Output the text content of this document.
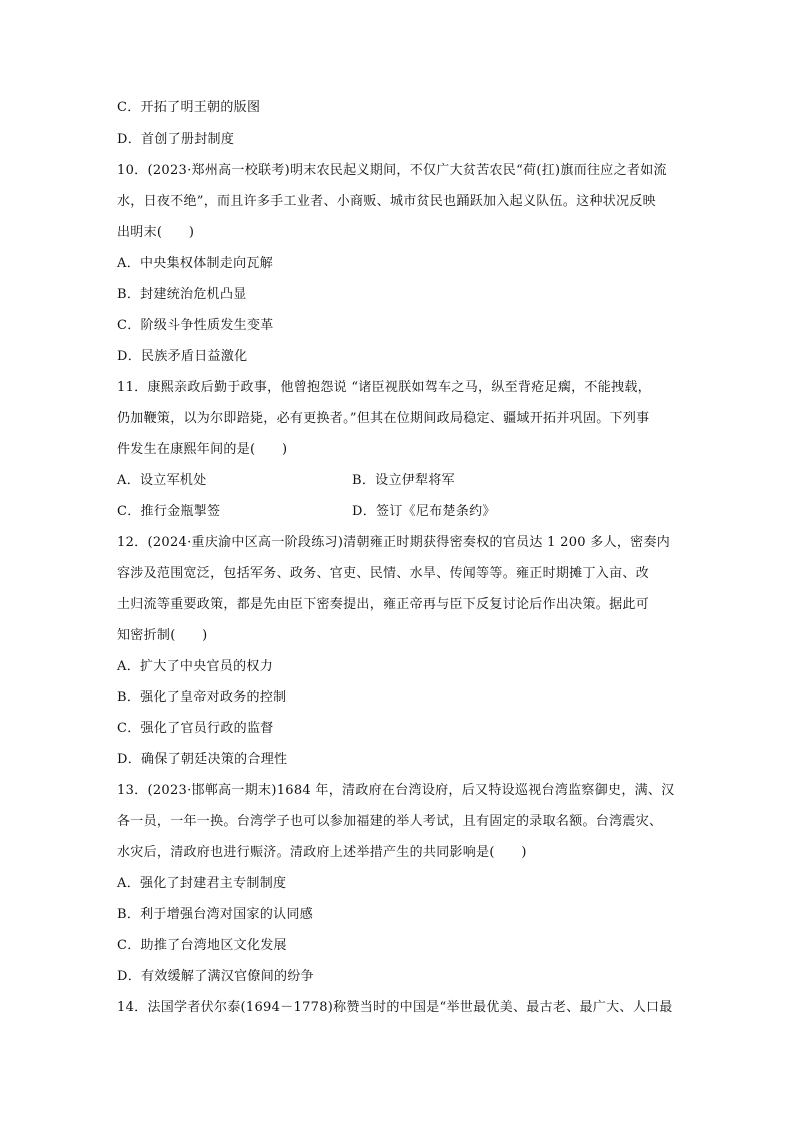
C．开拓了明王朝的版图
D．首创了册封制度
10．(2023·郑州高一校联考)明末农民起义期间，不仅广大贫苦农民“荷(扛)旗而往应之者如流
水，日夜不绝”，而且许多手工业者、小商贩、城市贫民也踊跃加入起义队伍。这种状况反映
出明末(　　)
A．中央集权体制走向瓦解
B．封建统治危机凸显
C．阶级斗争性质发生变革
D．民族矛盾日益激化
11．康熙亲政后勤于政事，他曾抱怨说 “诸臣视朕如驾车之马，纵至背疮足瘸，不能拽载，
仍加鞭策，以为尔即踣毙，必有更换者。”但其在位期间政局稳定、疆域开拓并巩固。下列事
件发生在康熙年间的是(　　)
A．设立军机处	B．设立伊犁将军
C．推行金瓶掣签	D．签订《尼布楚条约》
12．(2024·重庆渝中区高一阶段练习)清朝雍正时期获得密奏权的官员达 1 200 多人，密奏内
容涉及范围宽泛，包括军务、政务、官吏、民情、水旱、传闻等等。雍正时期摊丁入亩、改
土归流等重要政策，都是先由臣下密奏提出，雍正帝再与臣下反复讨论后作出决策。据此可
知密折制(　　)
A．扩大了中央官员的权力
B．强化了皇帝对政务的控制
C．强化了官员行政的监督
D．确保了朝廷决策的合理性
13．(2023·邯郸高一期末)1684 年，清政府在台湾设府，后又特设巡视台湾监察御史，满、汉
各一员，一年一换。台湾学子也可以参加福建的举人考试，且有固定的录取名额。台湾震灾、
水灾后，清政府也进行赈济。清政府上述举措产生的共同影响是(　　)
A．强化了封建君主专制制度
B．利于增强台湾对国家的认同感
C．助推了台湾地区文化发展
D．有效缓解了满汉官僚间的纷争
14．法国学者伏尔泰(1694－1778)称赞当时的中国是“举世最优美、最古老、最广大、人口最
